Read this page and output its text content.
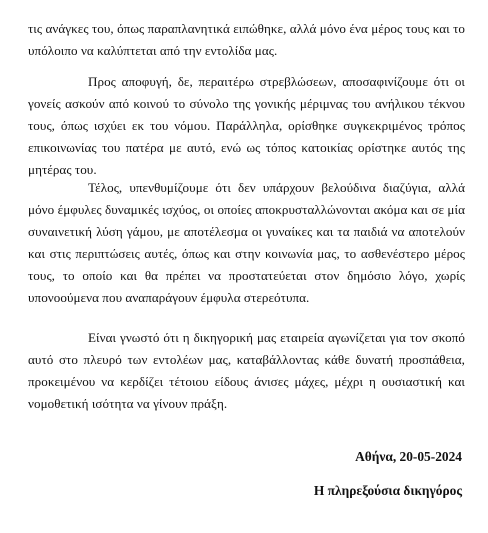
τις ανάγκες του, όπως παραπλανητικά ειπώθηκε, αλλά μόνο ένα μέρος τους και το υπόλοιπο να καλύπτεται από την εντολίδα μας.

Προς αποφυγή, δε, περαιτέρω στρεβλώσεων, αποσαφινίζουμε ότι οι γονείς ασκούν από κοινού το σύνολο της γονικής μέριμνας του ανήλικου τέκνου τους, όπως ισχύει εκ του νόμου. Παράλληλα, ορίσθηκε συγκεκριμένος τρόπος επικοινωνίας του πατέρα με αυτό, ενώ ως τόπος κατοικίας ορίστηκε αυτός της μητέρας του.

Τέλος, υπενθυμίζουμε ότι δεν υπάρχουν βελούδινα διαζύγια, αλλά μόνο έμφυλες δυναμικές ισχύος, οι οποίες αποκρυσταλλώνονται ακόμα και σε μία συναινετική λύση γάμου, με αποτέλεσμα οι γυναίκες και τα παιδιά να αποτελούν και στις περιπτώσεις αυτές, όπως και στην κοινωνία μας, το ασθενέστερο μέρος τους, το οποίο και θα πρέπει να προστατεύεται στον δημόσιο λόγο, χωρίς υπονοούμενα που αναπαράγουν έμφυλα στερεότυπα.

Είναι γνωστό ότι η δικηγορική μας εταιρεία αγωνίζεται για τον σκοπό αυτό στο πλευρό των εντολέων μας, καταβάλλοντας κάθε δυνατή προσπάθεια, προκειμένου να κερδίζει τέτοιου είδους άνισες μάχες, μέχρι η ουσιαστική και νομοθετική ισότητα να γίνουν πράξη.

Αθήνα, 20-05-2024

Η πληρεξούσια δικηγόρος
